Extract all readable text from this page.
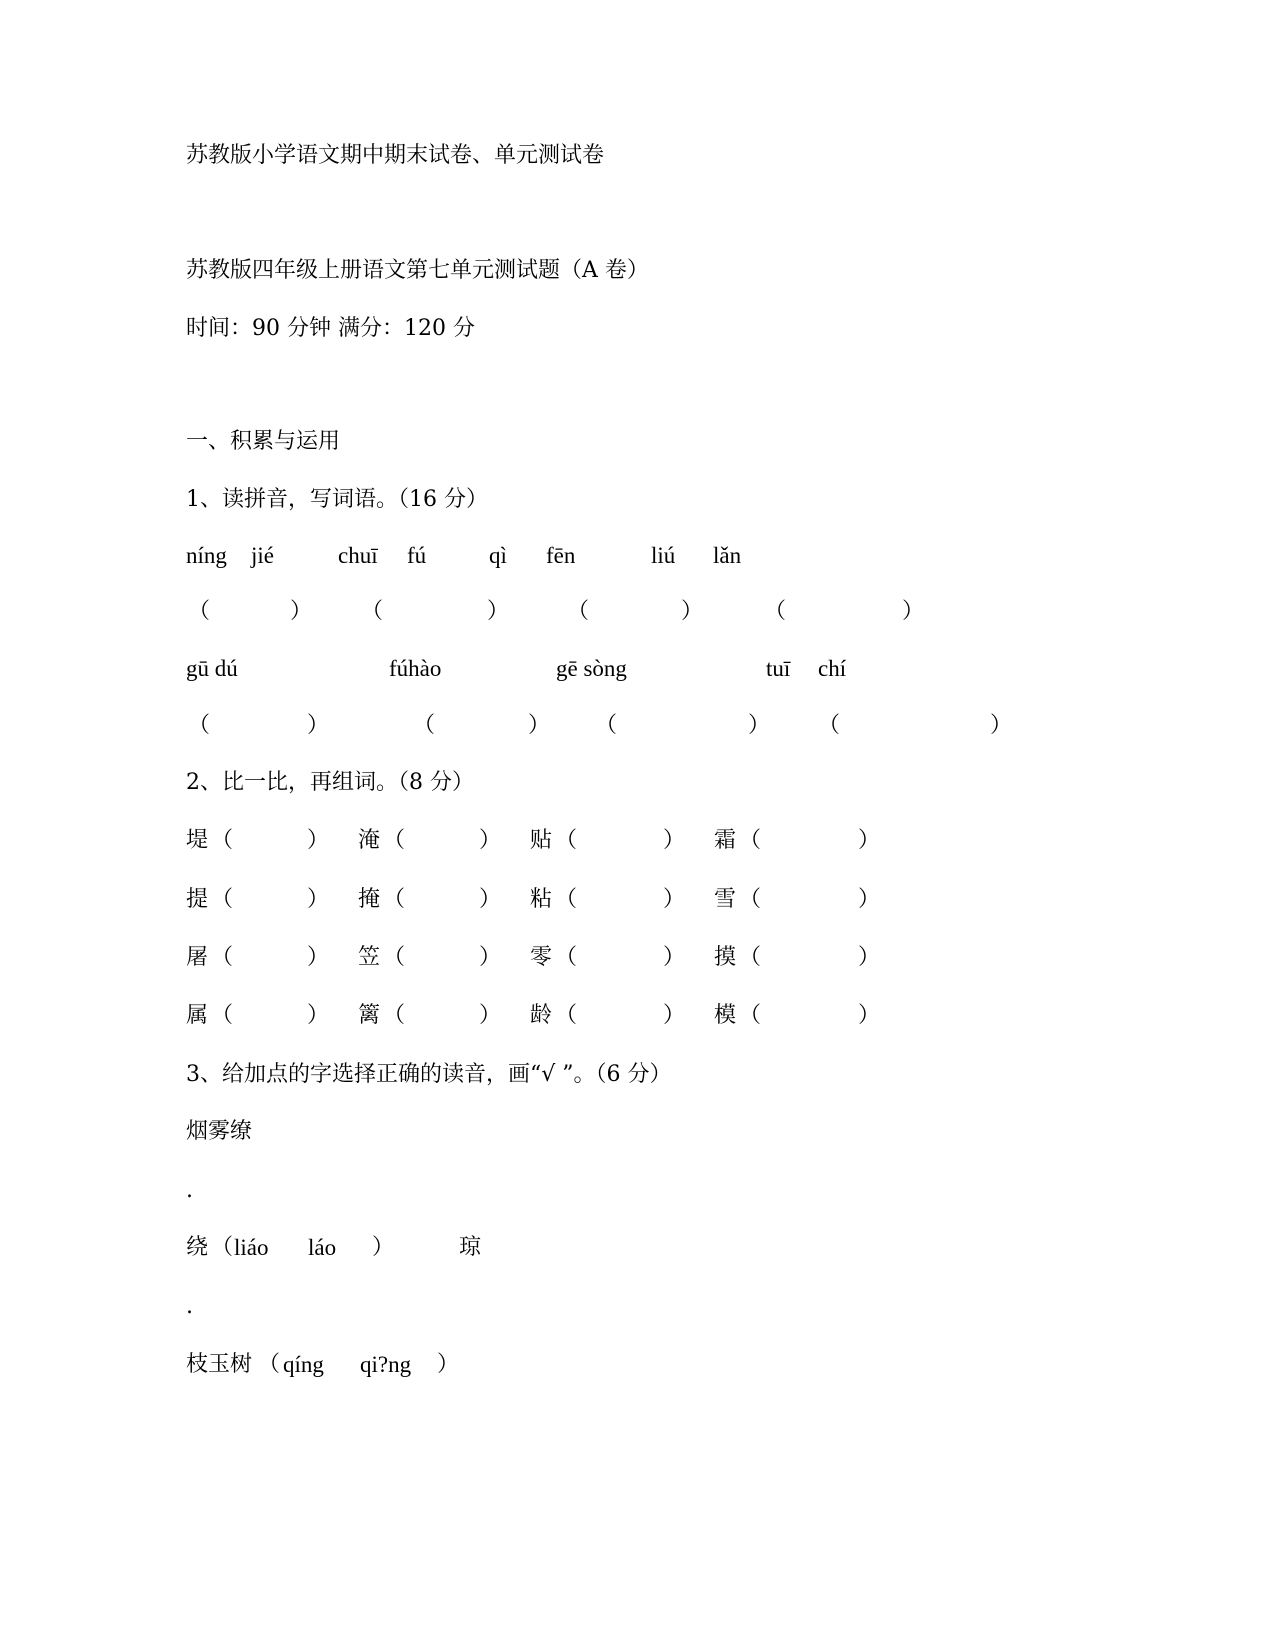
苏教版小学语文期中期末试卷、单元测试卷
苏教版四年级上册语文第七单元测试题（A 卷）
时间：90 分钟 满分：120 分
一、积累与运用
1、读拼音，写词语。（16 分）
níng jié	chuī fú	qì fēn	liú lǎn
（	） （	）	（	）	（	）
gū dú	fúhào	gē sòng	tuī chí
（	）	（	） （	） （	）
2、比一比，再组词。（8 分）
堤 （	） 淹 （	） 贴 （	） 霜 （	）
提 （	） 掩 （	） 粘 （	） 雪 （	）
屠 （	） 笠 （	） 零 （	） 摸 （	）
属 （	） 篱 （	） 龄 （	） 模 （	）
3、给加点的字选择正确的读音，画“√ ”。（6 分）
烟雾缭
.
绕 （ liáo láo ）	琼
.
枝玉树 （ qíng qi?ng ）
